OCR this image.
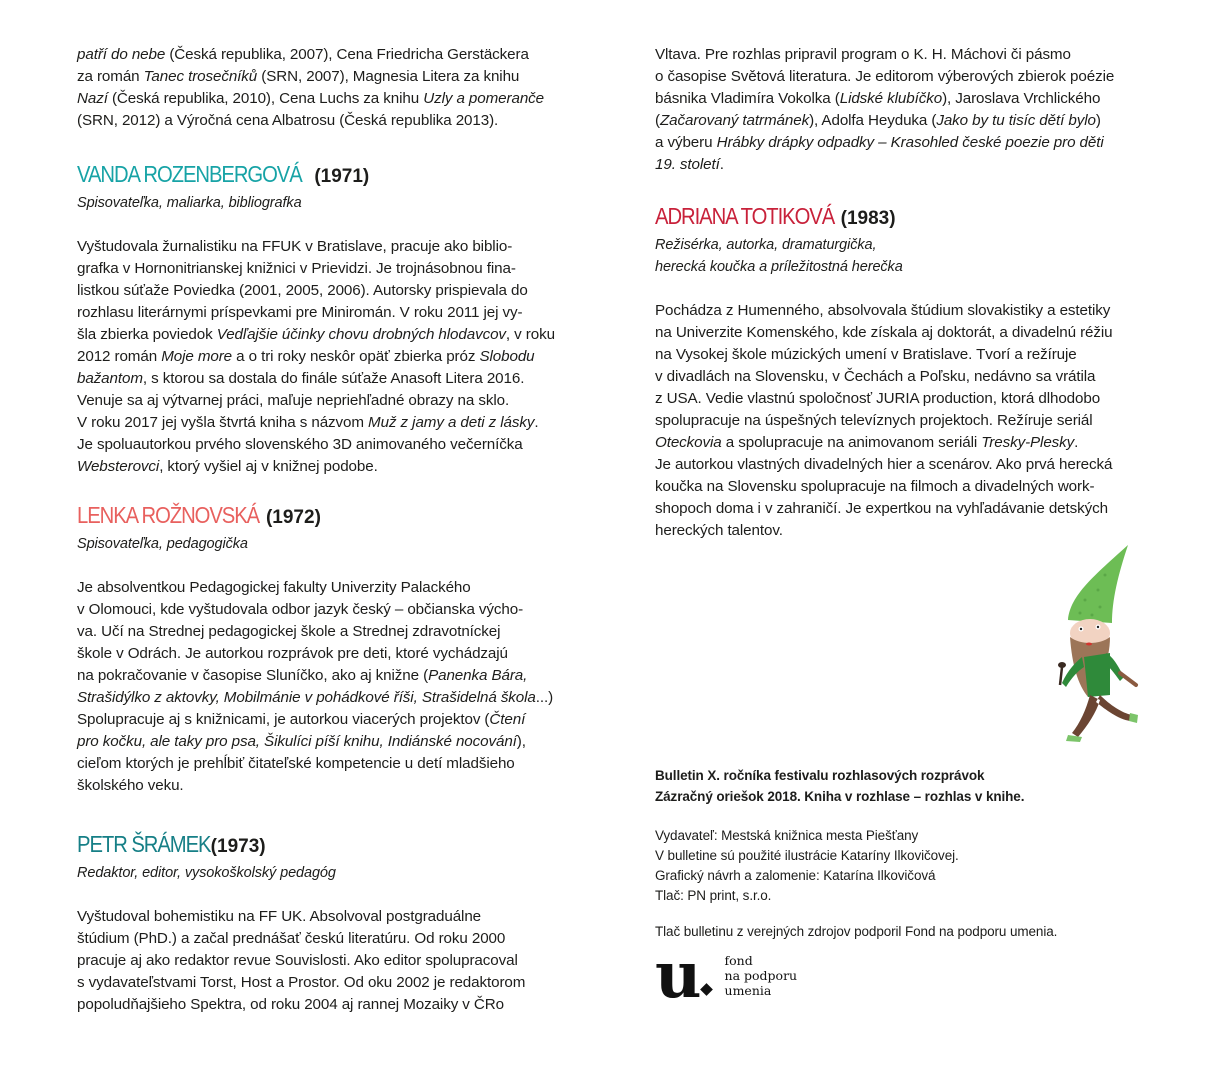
patří do nebe (Česká republika, 2007), Cena Friedricha Gerstäckera

za román Tanec trosečníků (SRN, 2007), Magnesia Litera za knihu

Nazí (Česká republika, 2010), Cena Luchs za knihu Uzly a pomeranče

(SRN, 2012) a Výročná cena Albatrosu (Česká republika 2013).

VANDA ROZENBERGOVÁ (1971)

Spisovateľka, maliarka, bibliografka

Vyštudovala žurnalistiku na FFUK v Bratislave, pracuje ako biblio-

grafka v Hornonitrianskej knižnici v Prievidzi. Je trojnásobnou fina-

listkou súťaže Poviedka (2001, 2005, 2006). Autorsky prispievala do

rozhlasu literárnymi príspevkami pre Miniromán. V roku 2011 jej vy-

šla zbierka poviedok Vedľajšie účinky chovu drobných hlodavcov, v roku

2012 román Moje more a o tri roky neskôr opäť zbierka próz Slobodu

bažantom, s ktorou sa dostala do finále súťaže Anasoft Litera 2016.

Venuje sa aj výtvarnej práci, maľuje nepriehľadné obrazy na sklo.

V roku 2017 jej vyšla štvrtá kniha s názvom Muž z jamy a deti z lásky.

Je spoluautorkou prvého slovenského 3D animovaného večerníčka

Websterovci, ktorý vyšiel aj v knižnej podobe.

LENKA ROŽNOVSKÁ (1972)

Spisovateľka, pedagogička

Je absolventkou Pedagogickej fakulty Univerzity Palackého

v Olomouci, kde vyštudovala odbor jazyk český – občianska výcho-

va. Učí na Strednej pedagogickej škole a Strednej zdravotníckej

škole v Odrách. Je autorkou rozprávok pre deti, ktoré vychádzajú

na pokračovanie v časopise Sluníčko, ako aj knižne (Panenka Bára,

Strašidýlko z aktovky, Mobilmánie v pohádkové říši, Strašidelná škola...)

Spolupracuje aj s knižnicami, je autorkou viacerých projektov (Čtení

pro kočku, ale taky pro psa, Šikulíci píší knihu, Indiánské nocování),

cieľom ktorých je prehĺbiť čitateľské kompetencie u detí mladšieho

školského veku.

PETR ŠRÁMEK(1973)

Redaktor, editor, vysokoškolský pedagóg

Vyštudoval bohemistiku na FF UK. Absolvoval postgraduálne

štúdium (PhD.) a začal prednášať českú literatúru. Od roku 2000

pracuje aj ako redaktor revue Souvislosti. Ako editor spolupracoval

s vydavateľstvami Torst, Host a Prostor. Od oku 2002 je redaktorom

popoludňajšieho Spektra, od roku 2004 aj rannej Mozaiky v ČRo

Vltava. Pre rozhlas pripravil program o K. H. Máchovi či pásmo

o časopise Světová literatura. Je editorom výberových zbierok poézie

básnika Vladimíra Vokolka (Lidské klubíčko), Jaroslava Vrchlického

(Začarovaný tatrmánek), Adolfa Heyduka (Jako by tu tisíc dětí bylo)

a výberu Hrábky drápky odpadky – Krasohled české poezie pro děti

19. století.

ADRIANA TOTIKOVÁ (1983)

Režisérka, autorka, dramaturgička,

herecká koučka a príležitostná herečka

Pochádza z Humenného, absolvovala štúdium slovakistiky a estetiky

na Univerzite Komenského, kde získala aj doktorát, a divadelnú réžiu

na Vysokej škole múzických umení v Bratislave. Tvorí a režíruje

v divadlách na Slovensku, v Čechách a Poľsku, nedávno sa vrátila

z USA. Vedie vlastnú spoločnosť JURIA production, ktorá dlhodobo

spolupracuje na úspešných televíznych projektoch. Režíruje seriál

Oteckovia a spolupracuje na animovanom seriáli Tresky-Plesky.

Je autorkou vlastných divadelných hier a scenárov. Ako prvá herecká

koučka na Slovensku spolupracuje na filmoch a divadelných work-

shopoch doma i v zahraničí. Je expertkou na vyhľadávanie detských

hereckých talentov.

Bulletin X. ročníka festivalu rozhlasových rozprávok

Zázračný oriešok 2018. Kniha v rozhlase – rozhlas v knihe.

Vydavateľ: Mestská knižnica mesta Piešťany

V bulletine sú použité ilustrácie Kataríny Ilkovičovej.

Grafický návrh a zalomenie: Katarína Ilkovičová

Tlač: PN print, s.r.o.

Tlač bulletinu z verejných zdrojov podporil Fond na podporu umenia.

u fond
na podporu
umenia
